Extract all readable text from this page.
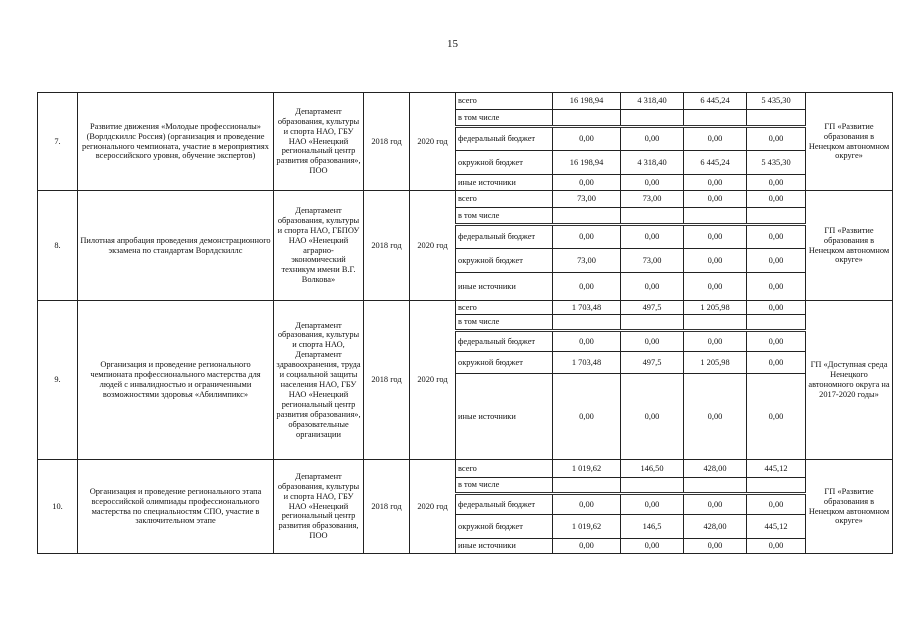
15
7.	Развитие движения «Молодые профессионалы» (Ворлдскиллс Россия) (организация и проведение регионального чемпионата, участие в мероприятиях всероссийского уровня, обучение экспертов)	Департамент образования, культуры и спорта НАО, ГБУ НАО «Ненецкий региональный центр развития образования», ПОО	2018 год	2020 год	всего	16 198,94	4 318,40	6 445,24	5 435,30	ГП «Развитие образования в Ненецком автономном округе»
					в том числе					
					федеральный бюджет	0,00	0,00	0,00	0,00	
					окружной бюджет	16 198,94	4 318,40	6 445,24	5 435,30	
					иные источники	0,00	0,00	0,00	0,00	
8.	Пилотная апробация проведения демонстрационного экзамена по стандартам Ворлдскиллс	Департамент образования, культуры и спорта НАО, ГБПОУ НАО «Ненецкий аграрно-экономический техникум имени В.Г. Волкова»	2018 год	2020 год	всего	73,00	73,00	0,00	0,00	ГП «Развитие образования в Ненецком автономном округе»
					в том числе					
					федеральный бюджет	0,00	0,00	0,00	0,00	
					окружной бюджет	73,00	73,00	0,00	0,00	
					иные источники	0,00	0,00	0,00	0,00	
9.	Организация и проведение регионального чемпионата профессионального мастерства для людей с инвалидностью и ограниченными возможностями здоровья «Абилимпикс»	Департамент образования, культуры и спорта НАО, Департамент здравоохранения, труда и социальной защиты населения НАО, ГБУ НАО «Ненецкий региональный центр развития образования», образовательные организации	2018 год	2020 год	всего	1 703,48	497,5	1 205,98	0,00	ГП «Доступная среда Ненецкого автономного округа на 2017-2020 годы»
					в том числе					
					федеральный бюджет	0,00	0,00	0,00	0,00	
					окружной бюджет	1 703,48	497,5	1 205,98	0,00	
					иные источники	0,00	0,00	0,00	0,00	
10.	Организация и проведение регионального этапа всероссийской олимпиады профессионального мастерства по специальностям СПО, участие в заключительном этапе	Департамент образования, культуры и спорта НАО, ГБУ НАО «Ненецкий региональный центр развития образования, ПОО	2018 год	2020 год	всего	1 019,62	146,50	428,00	445,12	ГП «Развитие образования в Ненецком автономном округе»
					в том числе					
					федеральный бюджет	0,00	0,00	0,00	0,00	
					окружной бюджет	1 019,62	146,5	428,00	445,12	
					иные источники	0,00	0,00	0,00	0,00	
